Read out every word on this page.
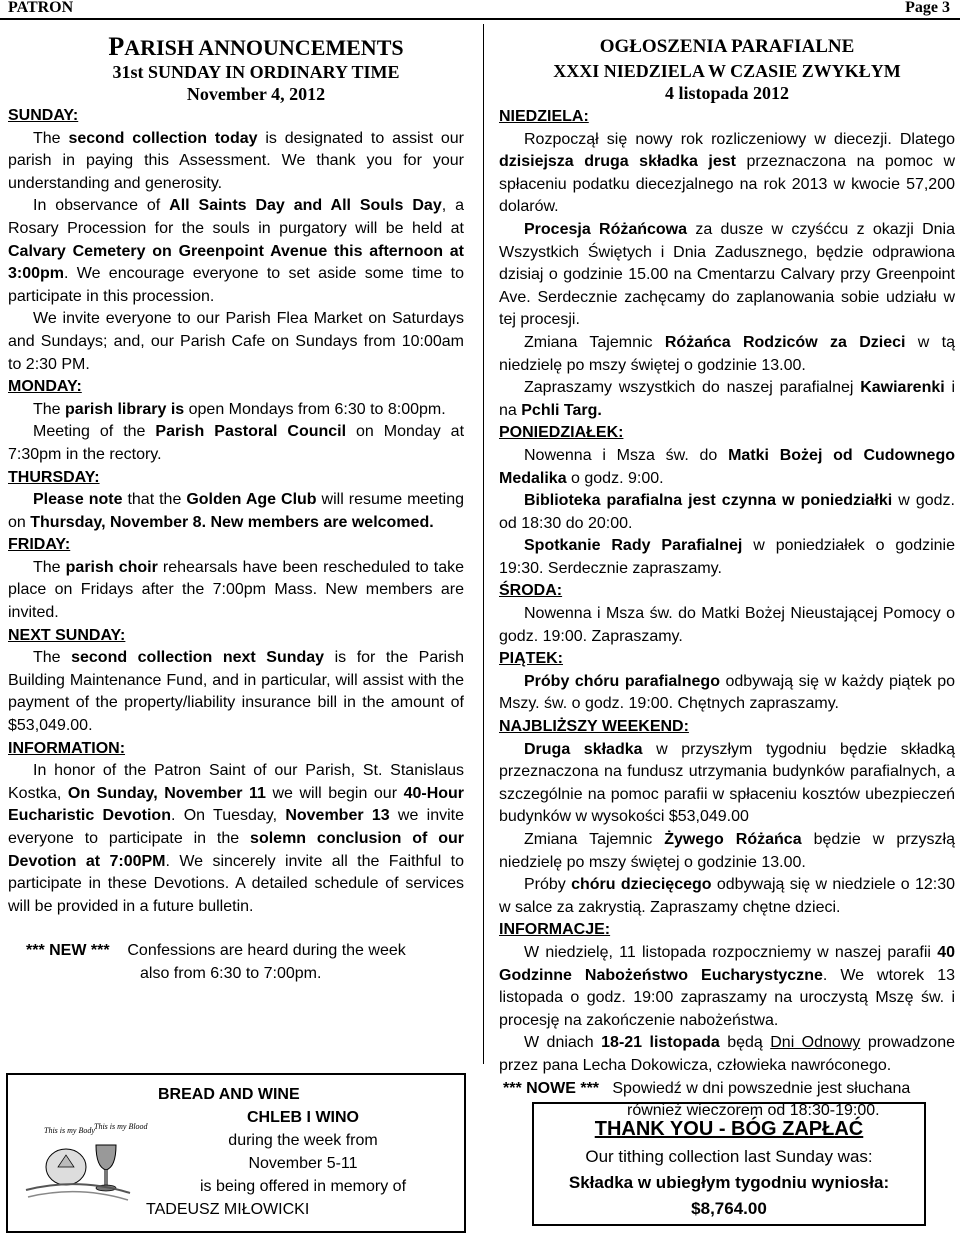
PATRON	Page 3
PARISH ANNOUNCEMENTS
31st SUNDAY IN ORDINARY TIME
November 4, 2012
SUNDAY:

The second collection today is designated to assist our parish in paying this Assessment. We thank you for your understanding and generosity.

In observance of All Saints Day and All Souls Day, a Rosary Procession for the souls in purgatory will be held at Calvary Cemetery on Greenpoint Avenue this afternoon at 3:00pm. We encourage everyone to set aside some time to participate in this procession.

We invite everyone to our Parish Flea Market on Saturdays and Sundays; and, our Parish Cafe on Sundays from 10:00am to 2:30 PM.

MONDAY:

The parish library is open Mondays from 6:30 to 8:00pm.

Meeting of the Parish Pastoral Council on Monday at 7:30pm in the rectory.

THURSDAY:

Please note that the Golden Age Club will resume meeting on Thursday, November 8. New members are welcomed.

FRIDAY:

The parish choir rehearsals have been rescheduled to take place on Fridays after the 7:00pm Mass. New members are invited.

NEXT SUNDAY:

The second collection next Sunday is for the Parish Building Maintenance Fund, and in particular, will assist with the payment of the property/liability insurance bill in the amount of $53,049.00.

INFORMATION:

In honor of the Patron Saint of our Parish, St. Stanislaus Kostka, On Sunday, November 11 we will begin our 40-Hour Eucharistic Devotion. On Tuesday, November 13 we invite everyone to participate in the solemn conclusion of our Devotion at 7:00PM. We sincerely invite all the Faithful to participate in these Devotions. A detailed schedule of services will be provided in a future bulletin.

*** NEW *** Confessions are heard during the week
also from 6:30 to 7:00pm.
OGŁOSZENIA PARAFIALNE
XXXI NIEDZIELA W CZASIE ZWYKŁYM
4 listopada 2012
NIEDZIELA:

Rozpoczął się nowy rok rozliczeniowy w diecezji. Dlatego dzisiejsza druga składka jest przeznaczona na pomoc w spłaceniu podatku diecezjalnego na rok 2013 w kwocie 57,200 dolarów.

Procesja Różańcowa za dusze w czyśćcu z okazji Dnia Wszystkich Świętych i Dnia Zadusznego, będzie odprawiona dzisiaj o godzinie 15.00 na Cmentarzu Calvary przy Greenpoint Ave. Serdecznie zachęcamy do zaplanowania sobie udziału w tej procesji.

Zmiana Tajemnic Różańca Rodziców za Dzieci w tą niedzielę po mszy świętej o godzinie 13.00.

Zapraszamy wszystkich do naszej parafialnej Kawiarenki i na Pchli Targ.

PONIEDZIAŁEK:

Nowenna i Msza św. do Matki Bożej od Cudownego Medalika o godz. 9:00.

Biblioteka parafialna jest czynna w poniedziałki w godz. od 18:30 do 20:00.

Spotkanie Rady Parafialnej w poniedziałek o godzinie 19:30. Serdecznie zapraszamy.

ŚRODA:

Nowenna i Msza św. do Matki Bożej Nieustającej Pomocy o godz. 19:00. Zapraszamy.

PIĄTEK:

Próby chóru parafialnego odbywają się w każdy piątek po Mszy. św. o godz. 19:00. Chętnych zapraszamy.

NAJBLIŻSZY WEEKEND:

Druga składka w przyszłym tygodniu będzie składką przeznaczona na fundusz utrzymania budynków parafialnych, a szczególnie na pomoc parafii w spłaceniu kosztów ubezpieczeń budynków w wysokości $53,049.00

Zmiana Tajemnic Żywego Różańca będzie w przyszłą niedzielę po mszy świętej o godzinie 13.00.

Próby chóru dziecięcego odbywają się w niedziele o 12:30 w salce za zakrystią. Zapraszamy chętne dzieci.

INFORMACJE:

W niedzielę, 11 listopada rozpoczniemy w naszej parafii 40 Godzinne Nabożeństwo Eucharystyczne. We wtorek 13 listopada o godz. 19:00 zapraszamy na uroczystą Mszę św. i procesję na zakończenie nabożeństwa.

W dniach 18-21 listopada będą Dni Odnowy prowadzone przez pana Lecha Dokowicza, człowieka nawróconego.

*** NOWE *** Spowiedź w dni powszednie jest słuchana
również wieczorem od 18:30-19:00.
This is my Body This is my Blood
BREAD AND WINE
CHLEB I WINO
during the week from
November 5-11
is being offered in memory of
TADEUSZ MIŁOWICKI
THANK YOU - BÓG ZAPŁAĆ
Our tithing collection last Sunday was:
Składka w ubiegłym tygodniu wyniosła:
$8,764.00
